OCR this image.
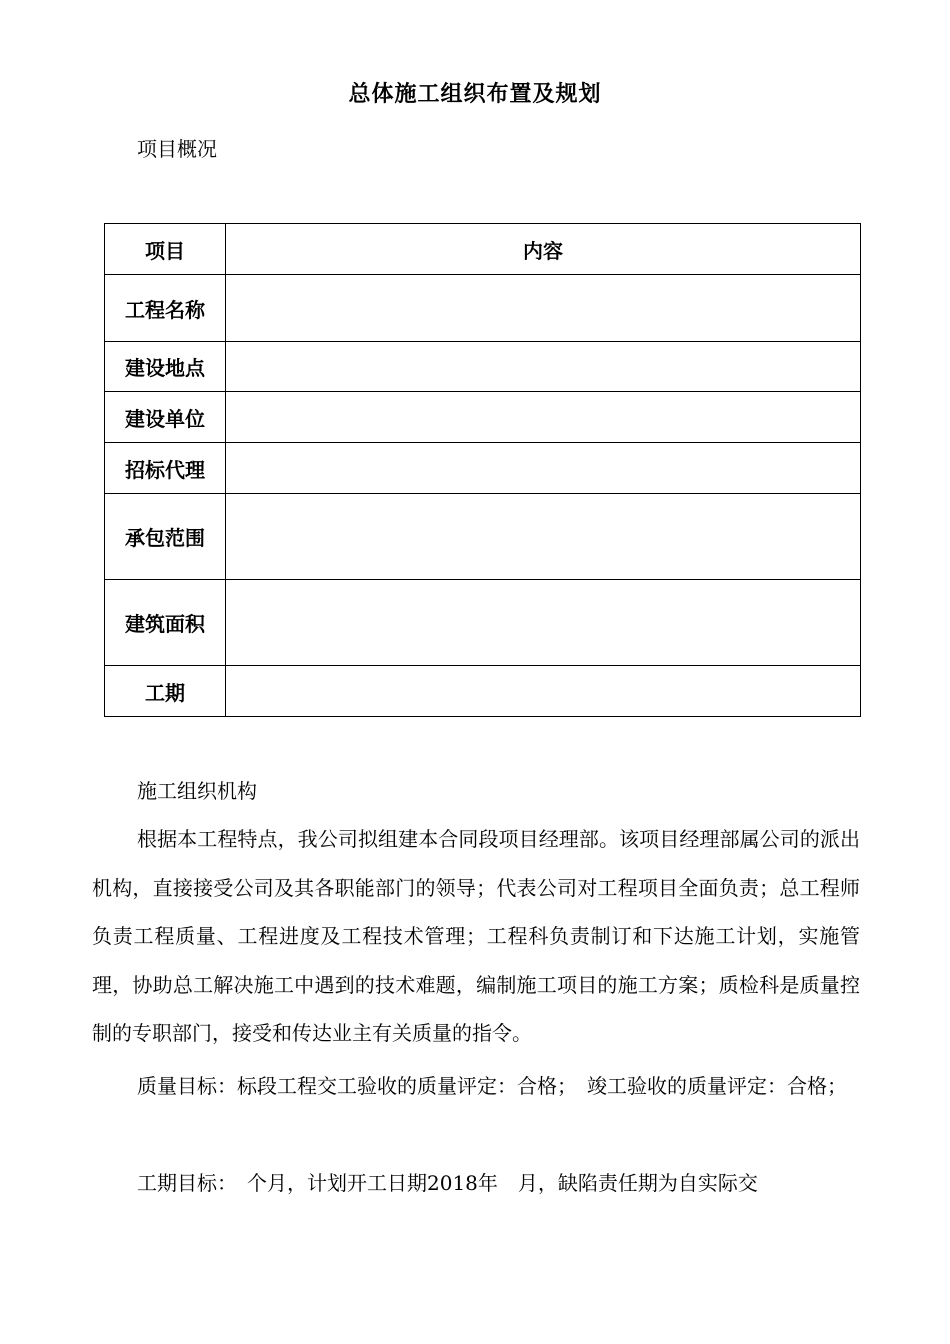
总体施工组织布置及规划
项目概况
项目	内容
工程名称	
建设地点	
建设单位	
招标代理	
承包范围	
建筑面积	
工期	
施工组织机构

根据本工程特点，我公司拟组建本合同段项目经理部。该项目经理部属公司的派出机构，直接接受公司及其各职能部门的领导；代表公司对工程项目全面负责；总工程师负责工程质量、工程进度及工程技术管理；工程科负责制订和下达施工计划，实施管理，协助总工解决施工中遇到的技术难题，编制施工项目的施工方案；质检科是质量控制的专职部门，接受和传达业主有关质量的指令。

质量目标：标段工程交工验收的质量评定：合格；　竣工验收的质量评定：合格；

工期目标：　个月，计划开工日期2018年　月，缺陷责任期为自实际交
